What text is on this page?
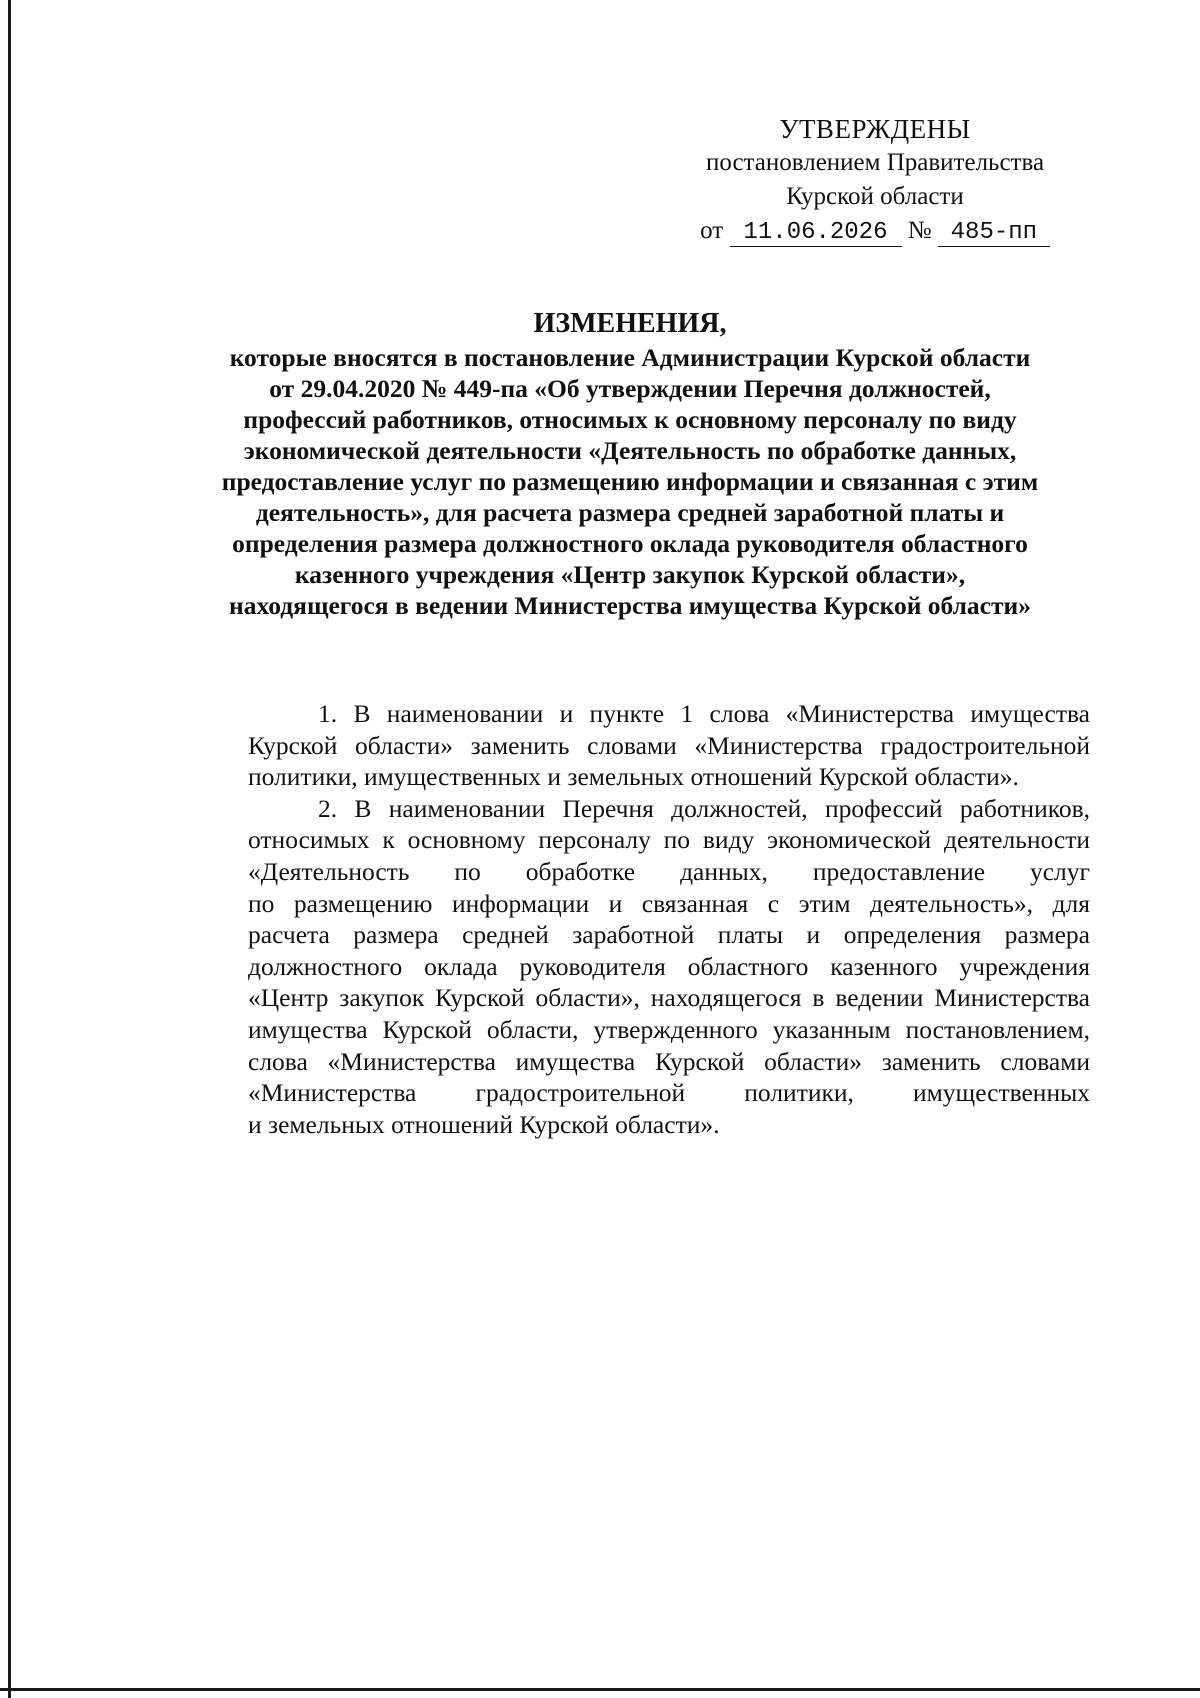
УТВЕРЖДЕНЫ
постановлением Правительства
Курской области
от 11.06.2026 № 485-пп
ИЗМЕНЕНИЯ,
которые вносятся в постановление Администрации Курской области
от 29.04.2020 № 449-па «Об утверждении Перечня должностей,
профессий работников, относимых к основному персоналу по виду
экономической деятельности «Деятельность по обработке данных,
предоставление услуг по размещению информации и связанная с этим
деятельность», для расчета размера средней заработной платы и
определения размера должностного оклада руководителя областного
казенного учреждения «Центр закупок Курской области»,
находящегося в ведении Министерства имущества Курской области»
1. В наименовании и пункте 1 слова «Министерства имущества
Курской области» заменить словами «Министерства градостроительной
политики, имущественных и земельных отношений Курской области».
2. В наименовании Перечня должностей, профессий работников,
относимых к основному персоналу по виду экономической деятельности
«Деятельность по обработке данных, предоставление услуг
по размещению информации и связанная с этим деятельность», для
расчета размера средней заработной платы и определения размера
должностного оклада руководителя областного казенного учреждения
«Центр закупок Курской области», находящегося в ведении Министерства
имущества Курской области, утвержденного указанным постановлением,
слова «Министерства имущества Курской области» заменить словами
«Министерства градостроительной политики, имущественных
и земельных отношений Курской области».
